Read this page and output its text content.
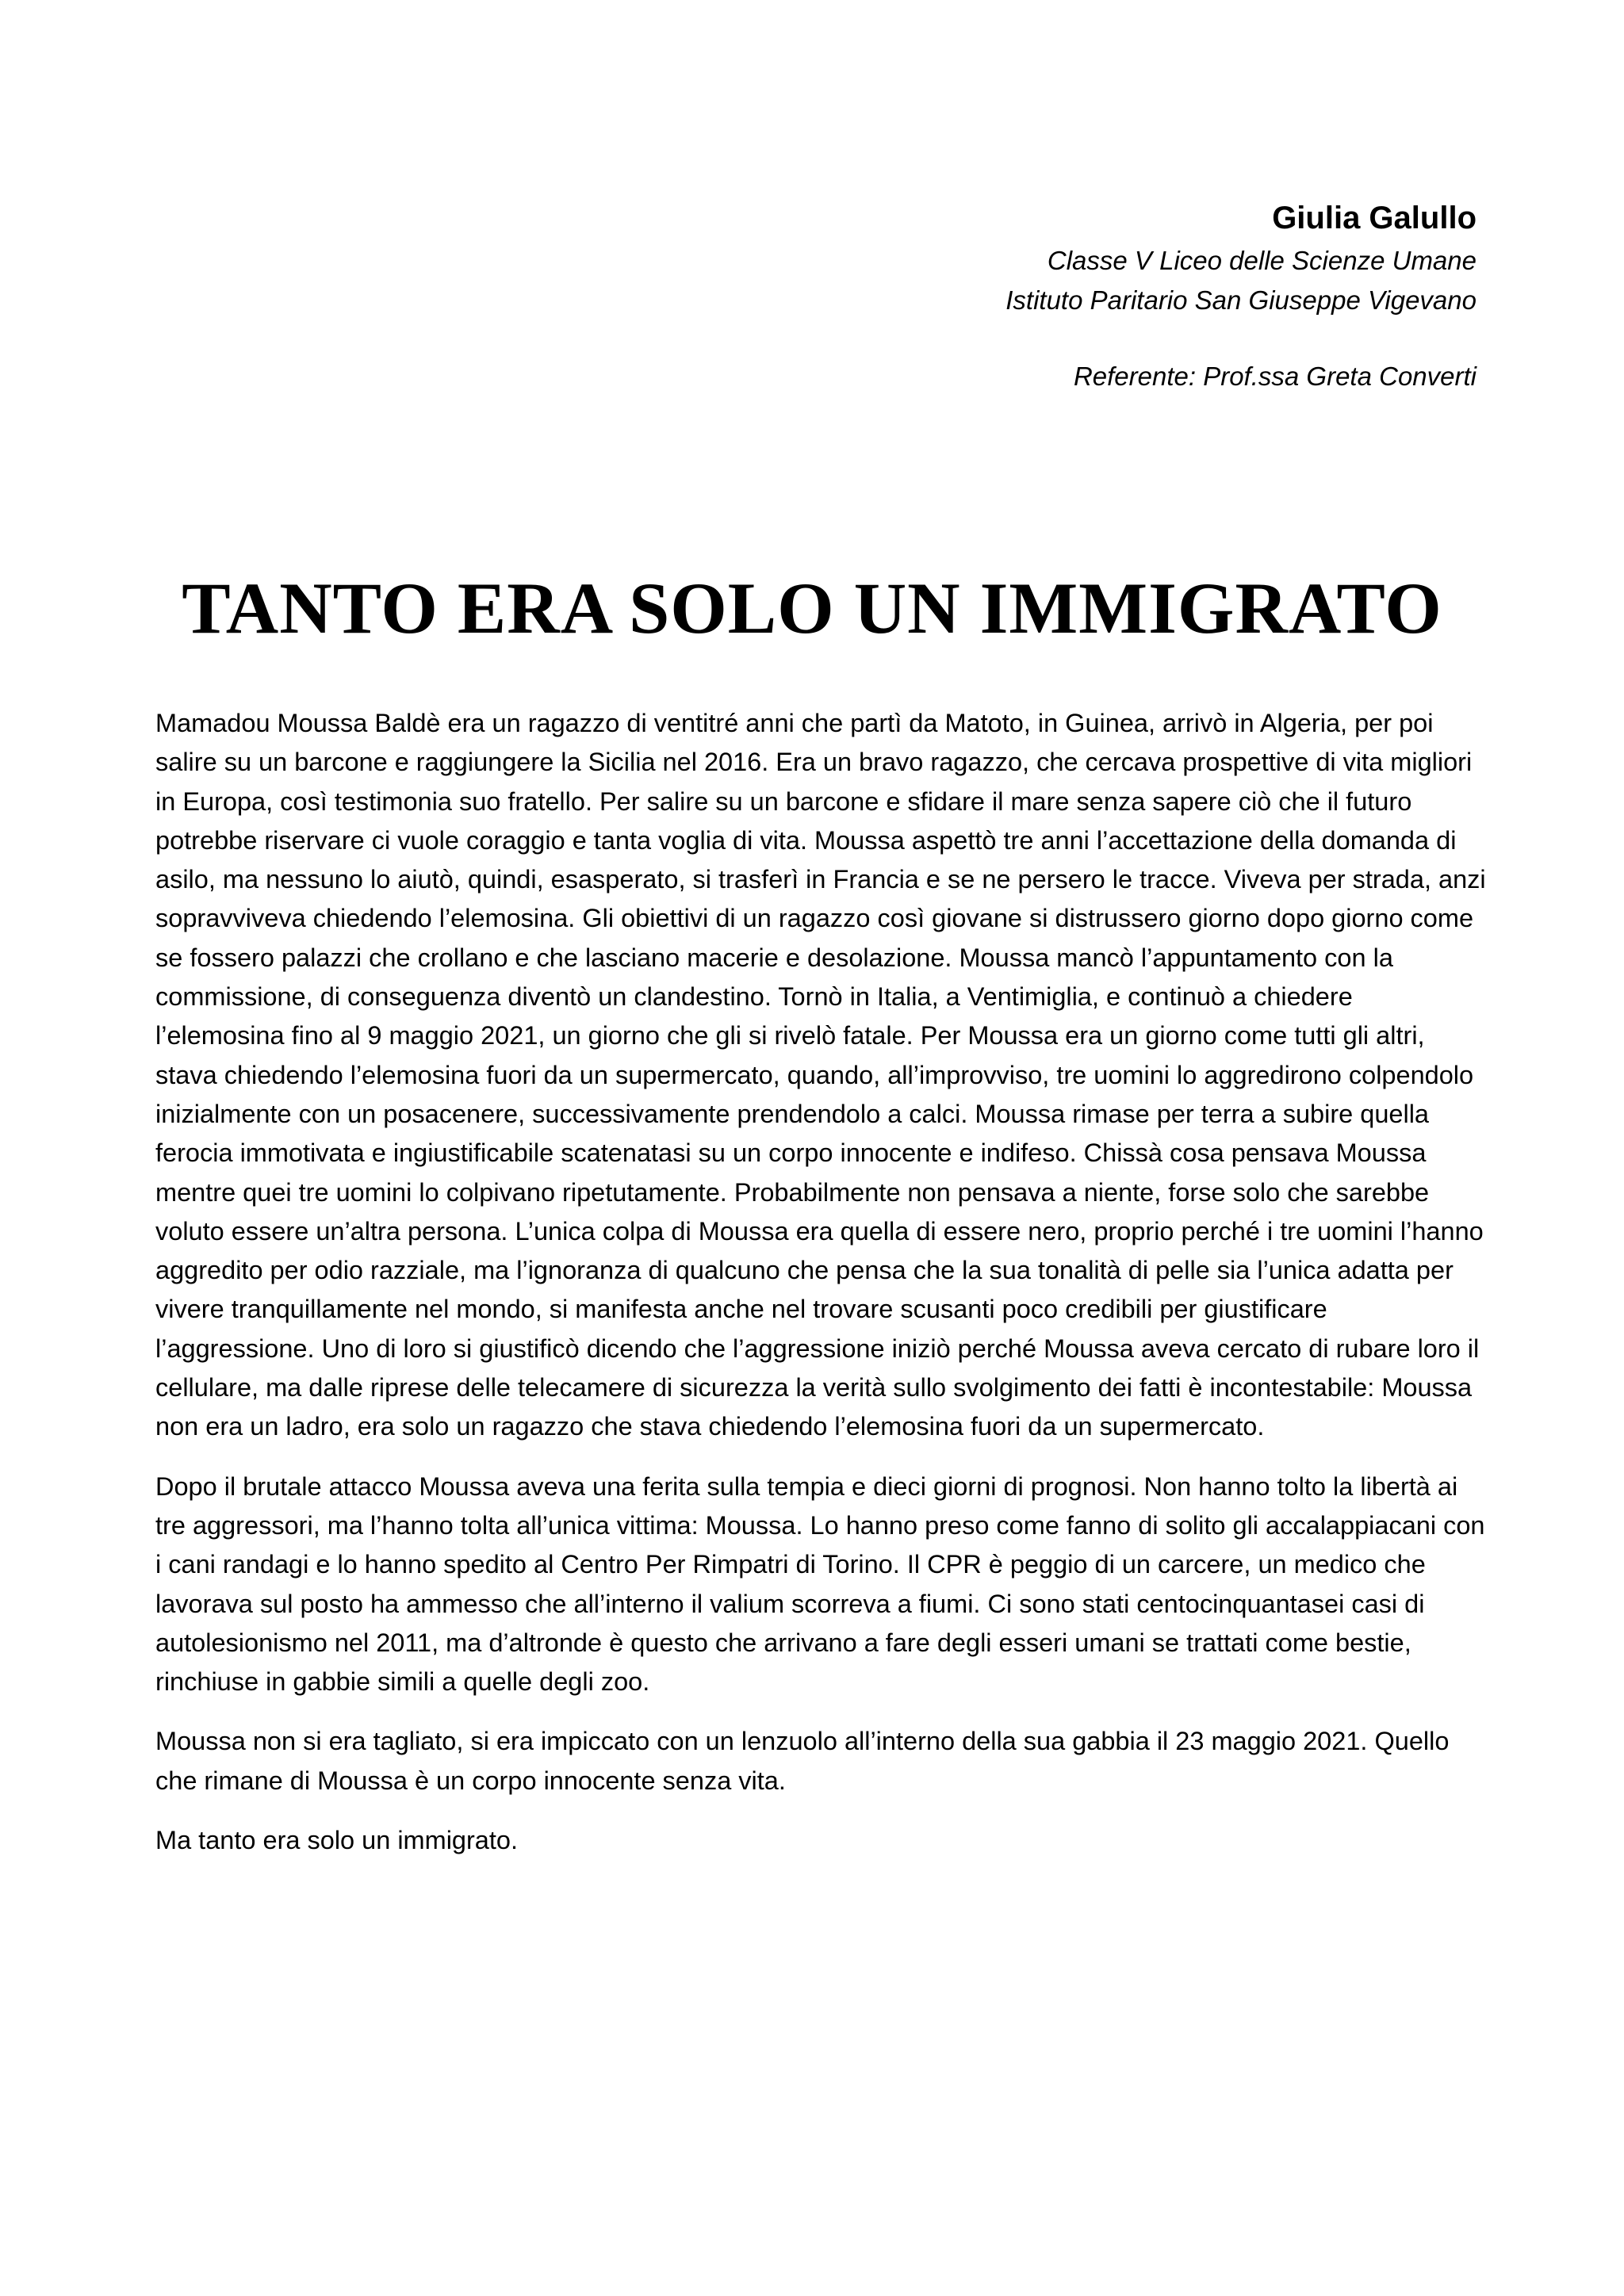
Giulia Galullo

Classe V Liceo delle Scienze Umane

Istituto Paritario San Giuseppe Vigevano

Referente: Prof.ssa Greta Converti

TANTO ERA SOLO UN IMMIGRATO

Mamadou Moussa Baldè era un ragazzo di ventitré anni che partì da Matoto, in Guinea, arrivò in Algeria, per poi salire su un barcone e raggiungere la Sicilia nel 2016. Era un bravo ragazzo, che cercava prospettive di vita migliori in Europa, così testimonia suo fratello. Per salire su un barcone e sfidare il mare senza sapere ciò che il futuro potrebbe riservare ci vuole coraggio e tanta voglia di vita. Moussa aspettò tre anni l’accettazione della domanda di asilo, ma nessuno lo aiutò, quindi, esasperato, si trasferì in Francia e se ne persero le tracce. Viveva per strada, anzi sopravviveva chiedendo l’elemosina. Gli obiettivi di un ragazzo così giovane si distrussero giorno dopo giorno come se fossero palazzi che crollano e che lasciano macerie e desolazione. Moussa mancò l’appuntamento con la commissione, di conseguenza diventò un clandestino. Tornò in Italia, a Ventimiglia, e continuò a chiedere l’elemosina fino al 9 maggio 2021, un giorno che gli si rivelò fatale. Per Moussa era un giorno come tutti gli altri, stava chiedendo l’elemosina fuori da un supermercato, quando, all’improvviso, tre uomini lo aggredirono colpendolo inizialmente con un posacenere, successivamente prendendolo a calci. Moussa rimase per terra a subire quella ferocia immotivata e ingiustificabile scatenatasi su un corpo innocente e indifeso. Chissà cosa pensava Moussa mentre quei tre uomini lo colpivano ripetutamente. Probabilmente non pensava a niente, forse solo che sarebbe voluto essere un’altra persona. L’unica colpa di Moussa era quella di essere nero, proprio perché i tre uomini l’hanno aggredito per odio razziale, ma l’ignoranza di qualcuno che pensa che la sua tonalità di pelle sia l’unica adatta per vivere tranquillamente nel mondo, si manifesta anche nel trovare scusanti poco credibili per giustificare l’aggressione. Uno di loro si giustificò dicendo che l’aggressione iniziò perché Moussa aveva cercato di rubare loro il cellulare, ma dalle riprese delle telecamere di sicurezza la verità sullo svolgimento dei fatti è incontestabile: Moussa non era un ladro, era solo un ragazzo che stava chiedendo l’elemosina fuori da un supermercato.

Dopo il brutale attacco Moussa aveva una ferita sulla tempia e dieci giorni di prognosi. Non hanno tolto la libertà ai tre aggressori, ma l’hanno tolta all’unica vittima: Moussa. Lo hanno preso come fanno di solito gli accalappiacani con i cani randagi e lo hanno spedito al Centro Per Rimpatri di Torino. Il CPR è peggio di un carcere, un medico che lavorava sul posto ha ammesso che all’interno il valium scorreva a fiumi. Ci sono stati centocinquantasei casi di autolesionismo nel 2011, ma d’altronde è questo che arrivano a fare degli esseri umani se trattati come bestie, rinchiuse in gabbie simili a quelle degli zoo.

Moussa non si era tagliato, si era impiccato con un lenzuolo all’interno della sua gabbia il 23 maggio 2021. Quello che rimane di Moussa è un corpo innocente senza vita.

Ma tanto era solo un immigrato.
